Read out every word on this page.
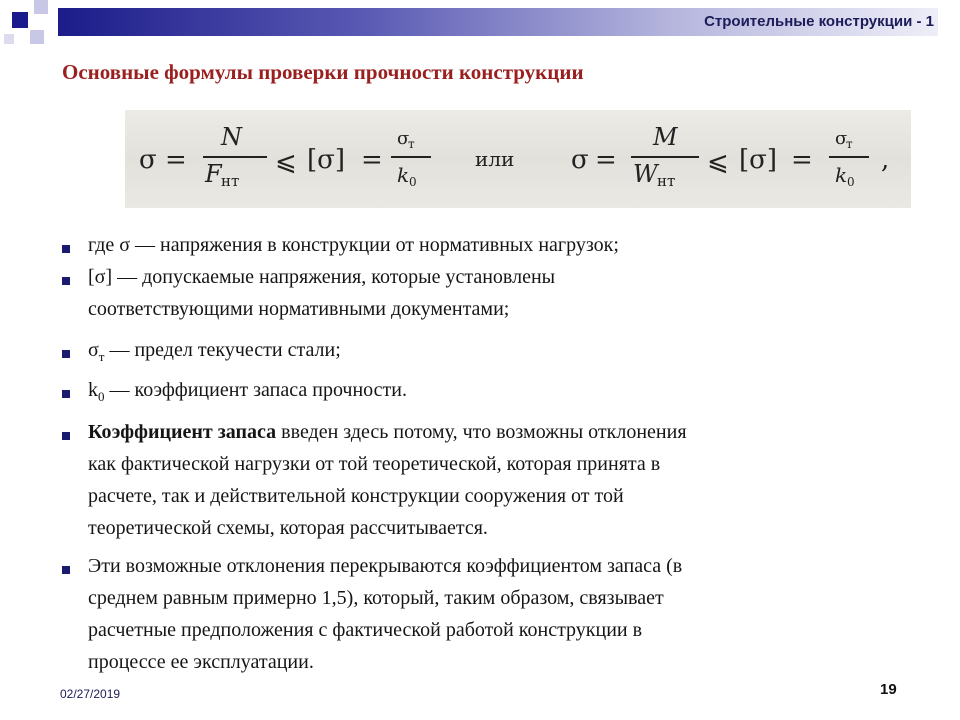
Строительные конструкции - 1
Основные формулы проверки прочности конструкции
σ =
N
F нт
⩽ [σ] =
σ
т
k 0
или σ =
M
W нт
⩽ [σ] =
σ
т
k 0
,
где σ — напряжения в конструкции от нормативных нагрузок;
[σ] — допускаемые напряжения, которые установлены
соответствующими нормативными документами;
$\sigma_т$ — предел текучести стали;
$k_0$ — коэффициент запаса прочности.
Коэффициент запаса введен здесь потому, что возможны отклонения
как фактической нагрузки от той теоретической, которая принята в
расчете, так и действительной конструкции сооружения от той
теоретической схемы, которая рассчитывается.
Эти возможные отклонения перекрываются коэффициентом запаса (в
среднем равным примерно 1,5), который, таким образом, связывает
расчетные предположения с фактической работой конструкции в
процессе ее эксплуатации.
02/27/2019	19
